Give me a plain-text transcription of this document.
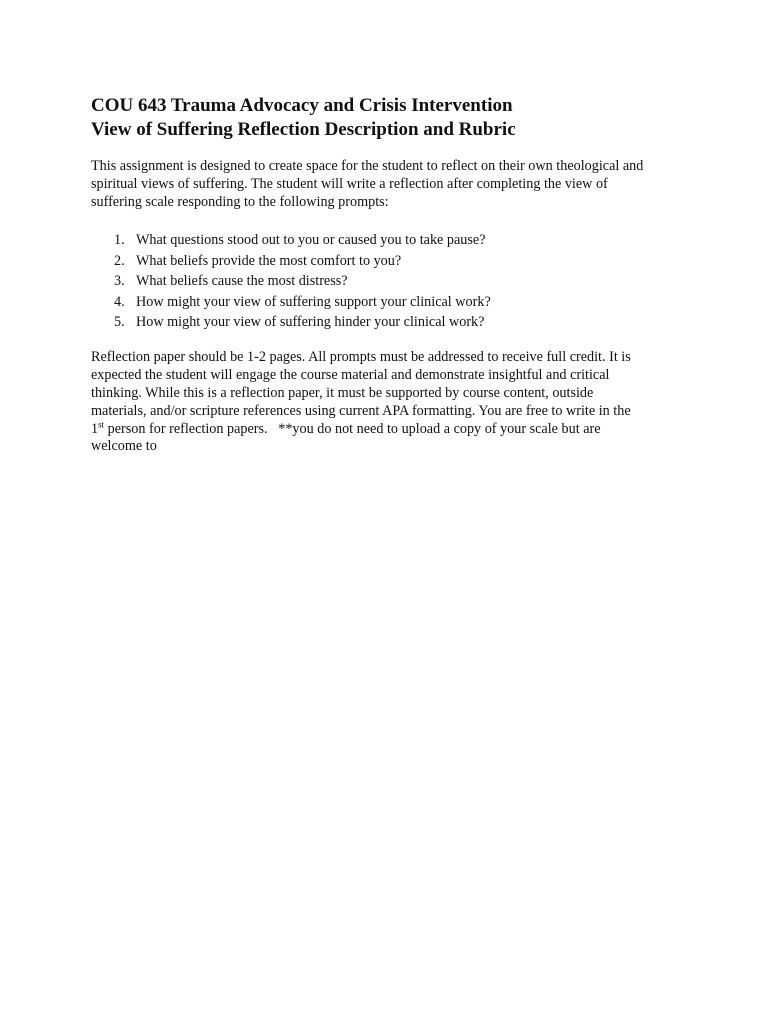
COU 643 Trauma Advocacy and Crisis Intervention
View of Suffering Reflection Description and Rubric

This assignment is designed to create space for the student to reflect on their own theological and
spiritual views of suffering. The student will write a reflection after completing the view of
suffering scale responding to the following prompts:

1. What questions stood out to you or caused you to take pause?
2. What beliefs provide the most comfort to you?
3. What beliefs cause the most distress?
4. How might your view of suffering support your clinical work?
5. How might your view of suffering hinder your clinical work?

Reflection paper should be 1-2 pages. All prompts must be addressed to receive full credit. It is
expected the student will engage the course material and demonstrate insightful and critical
thinking. While this is a reflection paper, it must be supported by course content, outside
materials, and/or scripture references using current APA formatting. You are free to write in the
1st person for reflection papers.   **you do not need to upload a copy of your scale but are
welcome to
